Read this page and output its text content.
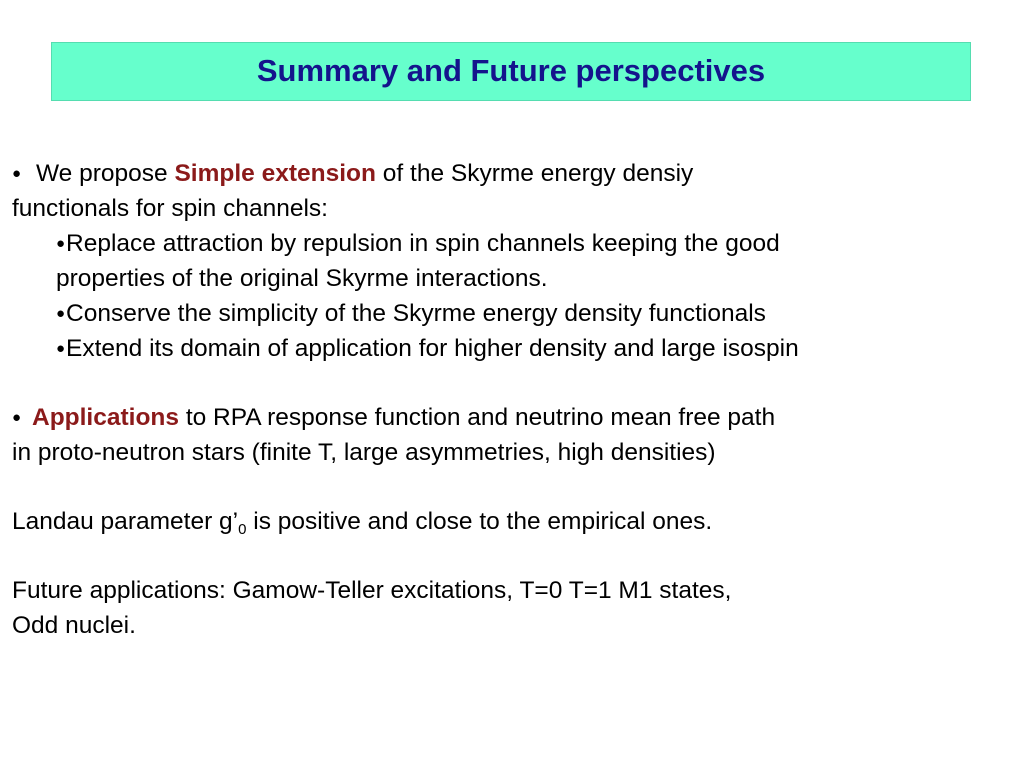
Summary and Future perspectives
● We propose Simple extension of the Skyrme energy densiy
functionals for spin channels:
●Replace attraction by repulsion in spin channels keeping the good
properties of the original Skyrme interactions.
●Conserve the simplicity of the Skyrme energy density functionals
●Extend its domain of application for higher density and large isospin
● Applications to RPA response function and neutrino mean free path
in proto-neutron stars (finite T, large asymmetries, high densities)
Landau parameter $g’_0$ is positive and close to the empirical ones.
Future applications: Gamow-Teller excitations, T=0 T=1 M1 states,
Odd nuclei.
